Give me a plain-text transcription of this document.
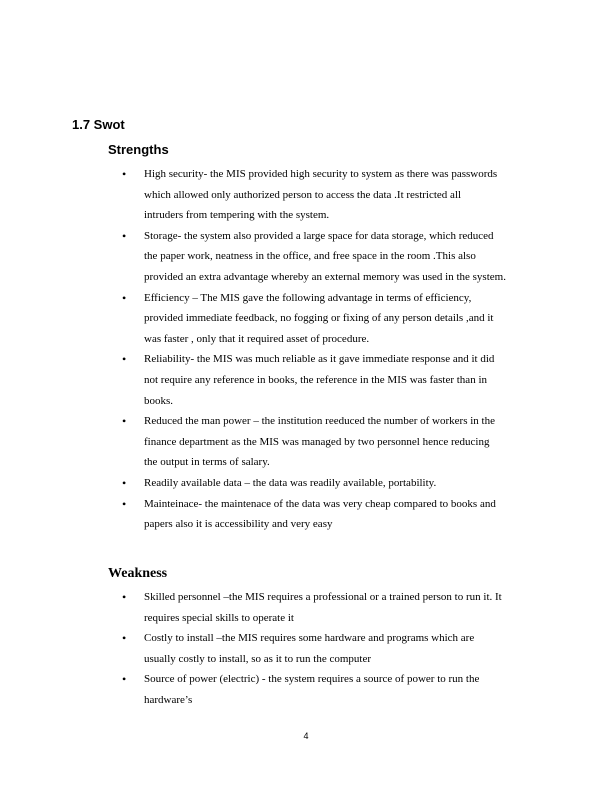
1.7 Swot
Strengths
• High security- the MIS provided high security to system as there was passwords
which allowed only authorized person to access the data .It restricted all
intruders from tempering with the system.
• Storage- the system also provided a large space for data storage, which reduced
the paper work, neatness in the office, and free space in the room .This also
provided an extra advantage whereby an external memory was used in the system.
• Efficiency – The MIS gave the following advantage in terms of efficiency,
provided immediate feedback, no fogging or fixing of any person details ,and it
was faster , only that it required asset of procedure.
• Reliability- the MIS was much reliable as it gave immediate response and it did
not require any reference in books, the reference in the MIS was faster than in
books.
• Reduced the man power – the institution reeduced the number of workers in the
finance department as the MIS was managed by two personnel hence reducing
the output in terms of salary.
• Readily available data – the data was readily available, portability.
• Mainteinace- the maintenace of the data was very cheap compared to books and
papers also it is accessibility and very easy
Weakness
• Skilled personnel –the MIS requires a professional or a trained person to run it. It
requires special skills to operate it
• Costly to install –the MIS requires some hardware and programs which are
usually costly to install, so as it to run the computer
• Source of power (electric) - the system requires a source of power to run the
hardware’s
4
